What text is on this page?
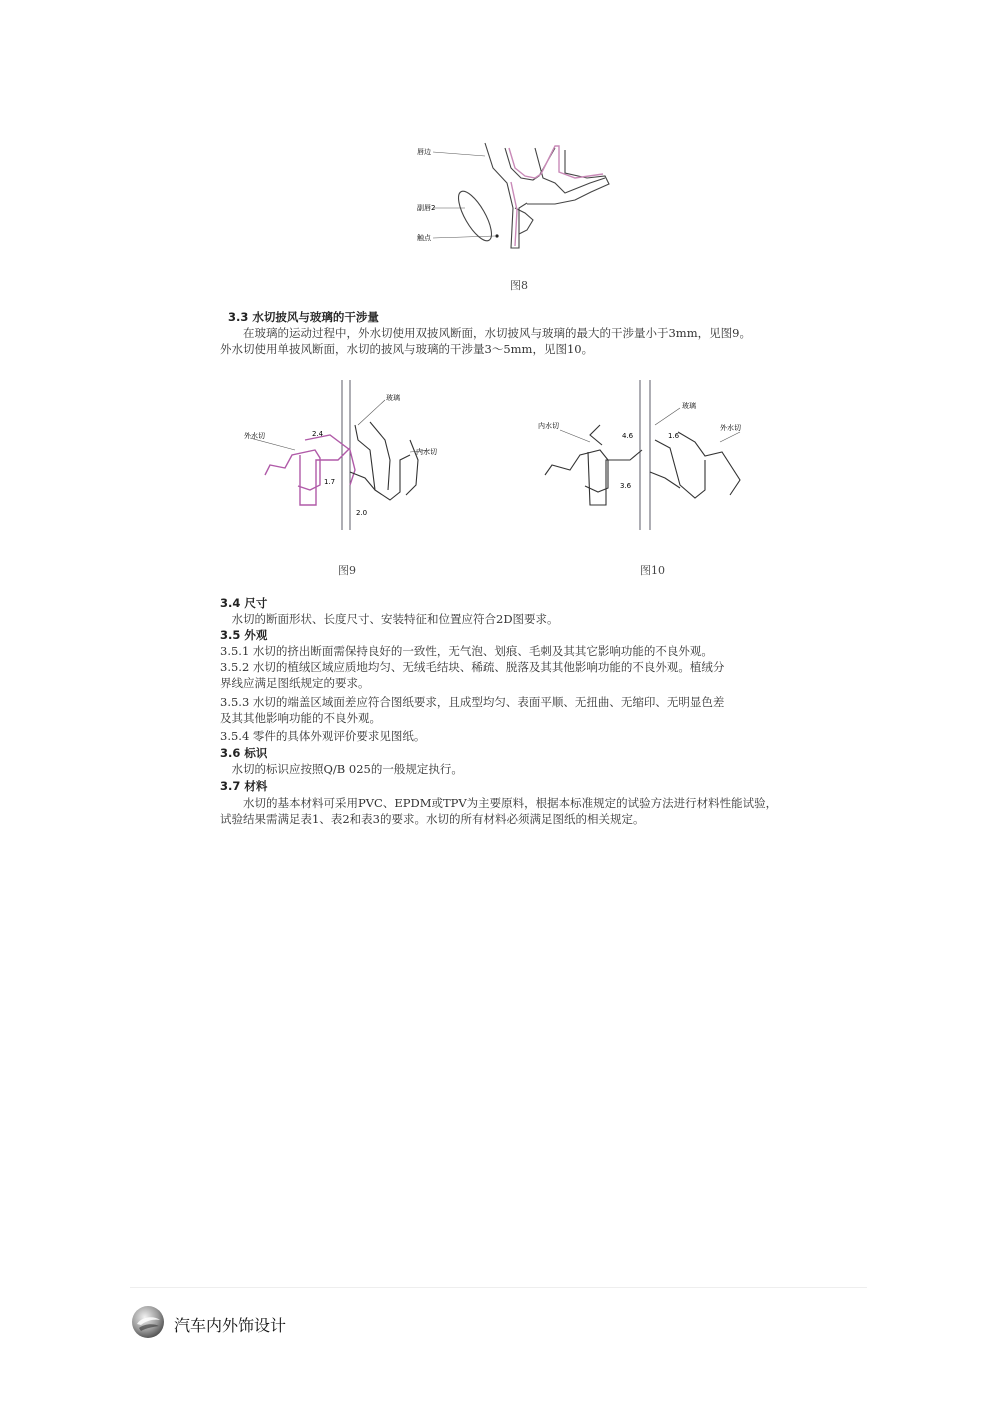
唇边
副唇2
触点
图8
3.3 水切披风与玻璃的干涉量
　　在玻璃的运动过程中，外水切使用双披风断面，水切披风与玻璃的最大的干涉量小于3mm，见图9。
外水切使用单披风断面，水切的披风与玻璃的干涉量3～5mm，见图10。
外水切
玻璃
内水切
2.4
1.7
2.0
图9
内水切
玻璃
外水切
4.6	1.6
3.6
图10
3.4 尺寸
　水切的断面形状、长度尺寸、安装特征和位置应符合2D图要求。
3.5 外观
3.5.1 水切的挤出断面需保持良好的一致性，无气泡、划痕、毛刺及其其它影响功能的不良外观。
3.5.2 水切的植绒区域应质地均匀、无绒毛结块、稀疏、脱落及其其他影响功能的不良外观。植绒分
界线应满足图纸规定的要求。
3.5.3 水切的端盖区域面差应符合图纸要求，且成型均匀、表面平顺、无扭曲、无缩印、无明显色差
及其其他影响功能的不良外观。
3.5.4 零件的具体外观评价要求见图纸。
3.6 标识
　水切的标识应按照Q/B 025的一般规定执行。
3.7 材料
　　水切的基本材料可采用PVC、EPDM或TPV为主要原料，根据本标准规定的试验方法进行材料性能试验，
试验结果需满足表1、表2和表3的要求。水切的所有材料必须满足图纸的相关规定。
汽车内外饰设计
